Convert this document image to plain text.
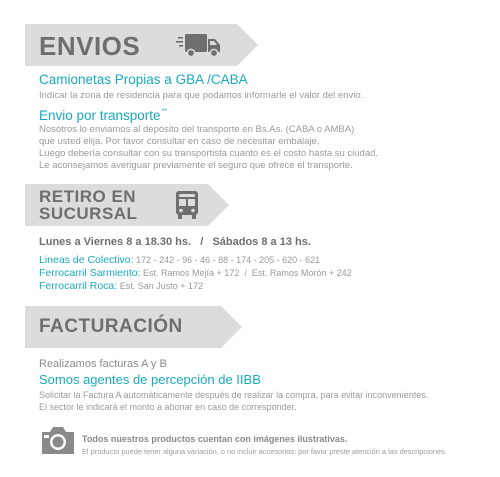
ENVIOS
Camionetas Propias a GBA /CABA
Indicar la zona de residencia para que podamos informarle el valor del envio.
Envio por transporte**
Nosotros lo enviamos al depósito del transporte en Bs.As. (CABA o AMBA)
que usted elija. Por favor consultar en caso de necesitar embalaje.
Luego debería consultar con su transportista cuanto es el costo hasta su ciudad.
Le aconsejamos averiguar previamente el seguro que ofrece el transporte.
RETIRO EN
SUCURSAL
Lunes a Viernes 8 a 18.30 hs.   /   Sábados 8 a 13 hs.
Lineas de Colectivo: 172 - 242 - 96 - 46 - 88 - 174 - 205 - 620 - 621
Ferrocarril Sarmiento: Est. Ramos Mejía + 172  /  Est. Ramos Morón + 242
Ferrocarril Roca: Est. San Justo + 172
FACTURACIÓN
Realizamos facturas A y B
Somos agentes de percepción de IIBB
Solicitar la Factura A automáticamente después de realizar la compra, para evitar inconvenientes.
El sector le indicará el monto a abonar en caso de corresponder.
Todos nuestros productos cuentan con imágenes ilustrativas.
El producto puede tener alguna variación, o no incluir accesorios: por favor preste atención a las descripciones.
